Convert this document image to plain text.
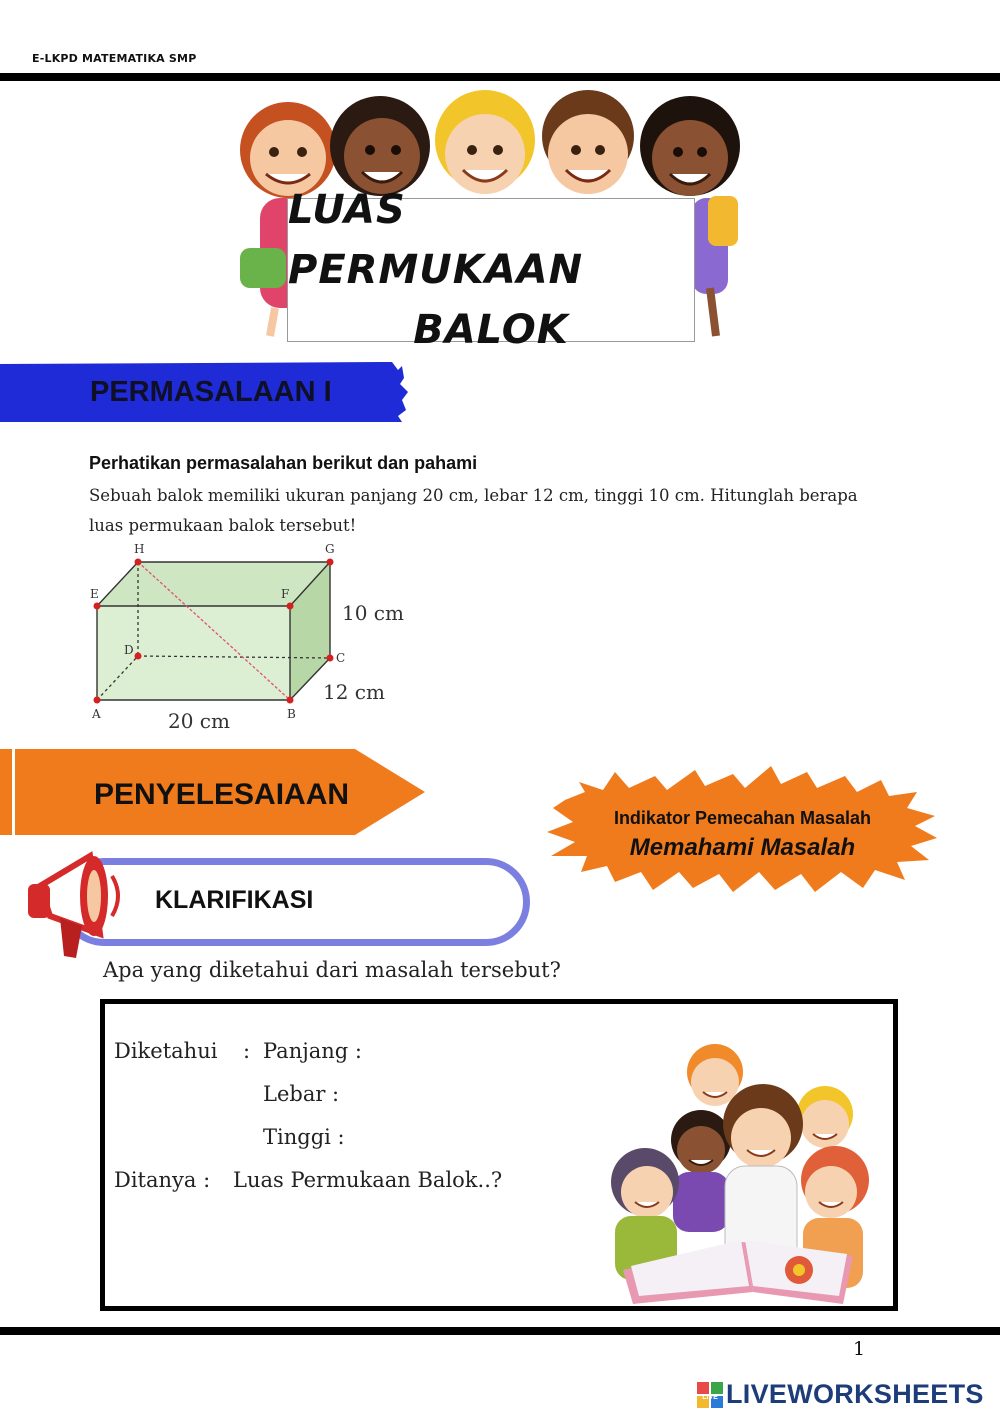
E-LKPD MATEMATIKA SMP
LUAS PERMUKAAN
BALOK
PERMASALAAN I
Perhatikan permasalahan berikut dan pahami
Sebuah balok memiliki ukuran panjang 20 cm, lebar 12 cm, tinggi 10 cm. Hitunglah berapa luas permukaan balok tersebut!
H	G
E	F
D
C
A	B
10 cm
12 cm
20 cm
PENYELESAIAAN
Indikator Pemecahan Masalah
Memahami Masalah
KLARIFIKASI
Apa yang diketahui dari masalah tersebut?
Diketahui : Panjang :
Lebar :
Tinggi :
Ditanya : Luas Permukaan Balok..?
1
LIVE LIVEWORKSHEETS
